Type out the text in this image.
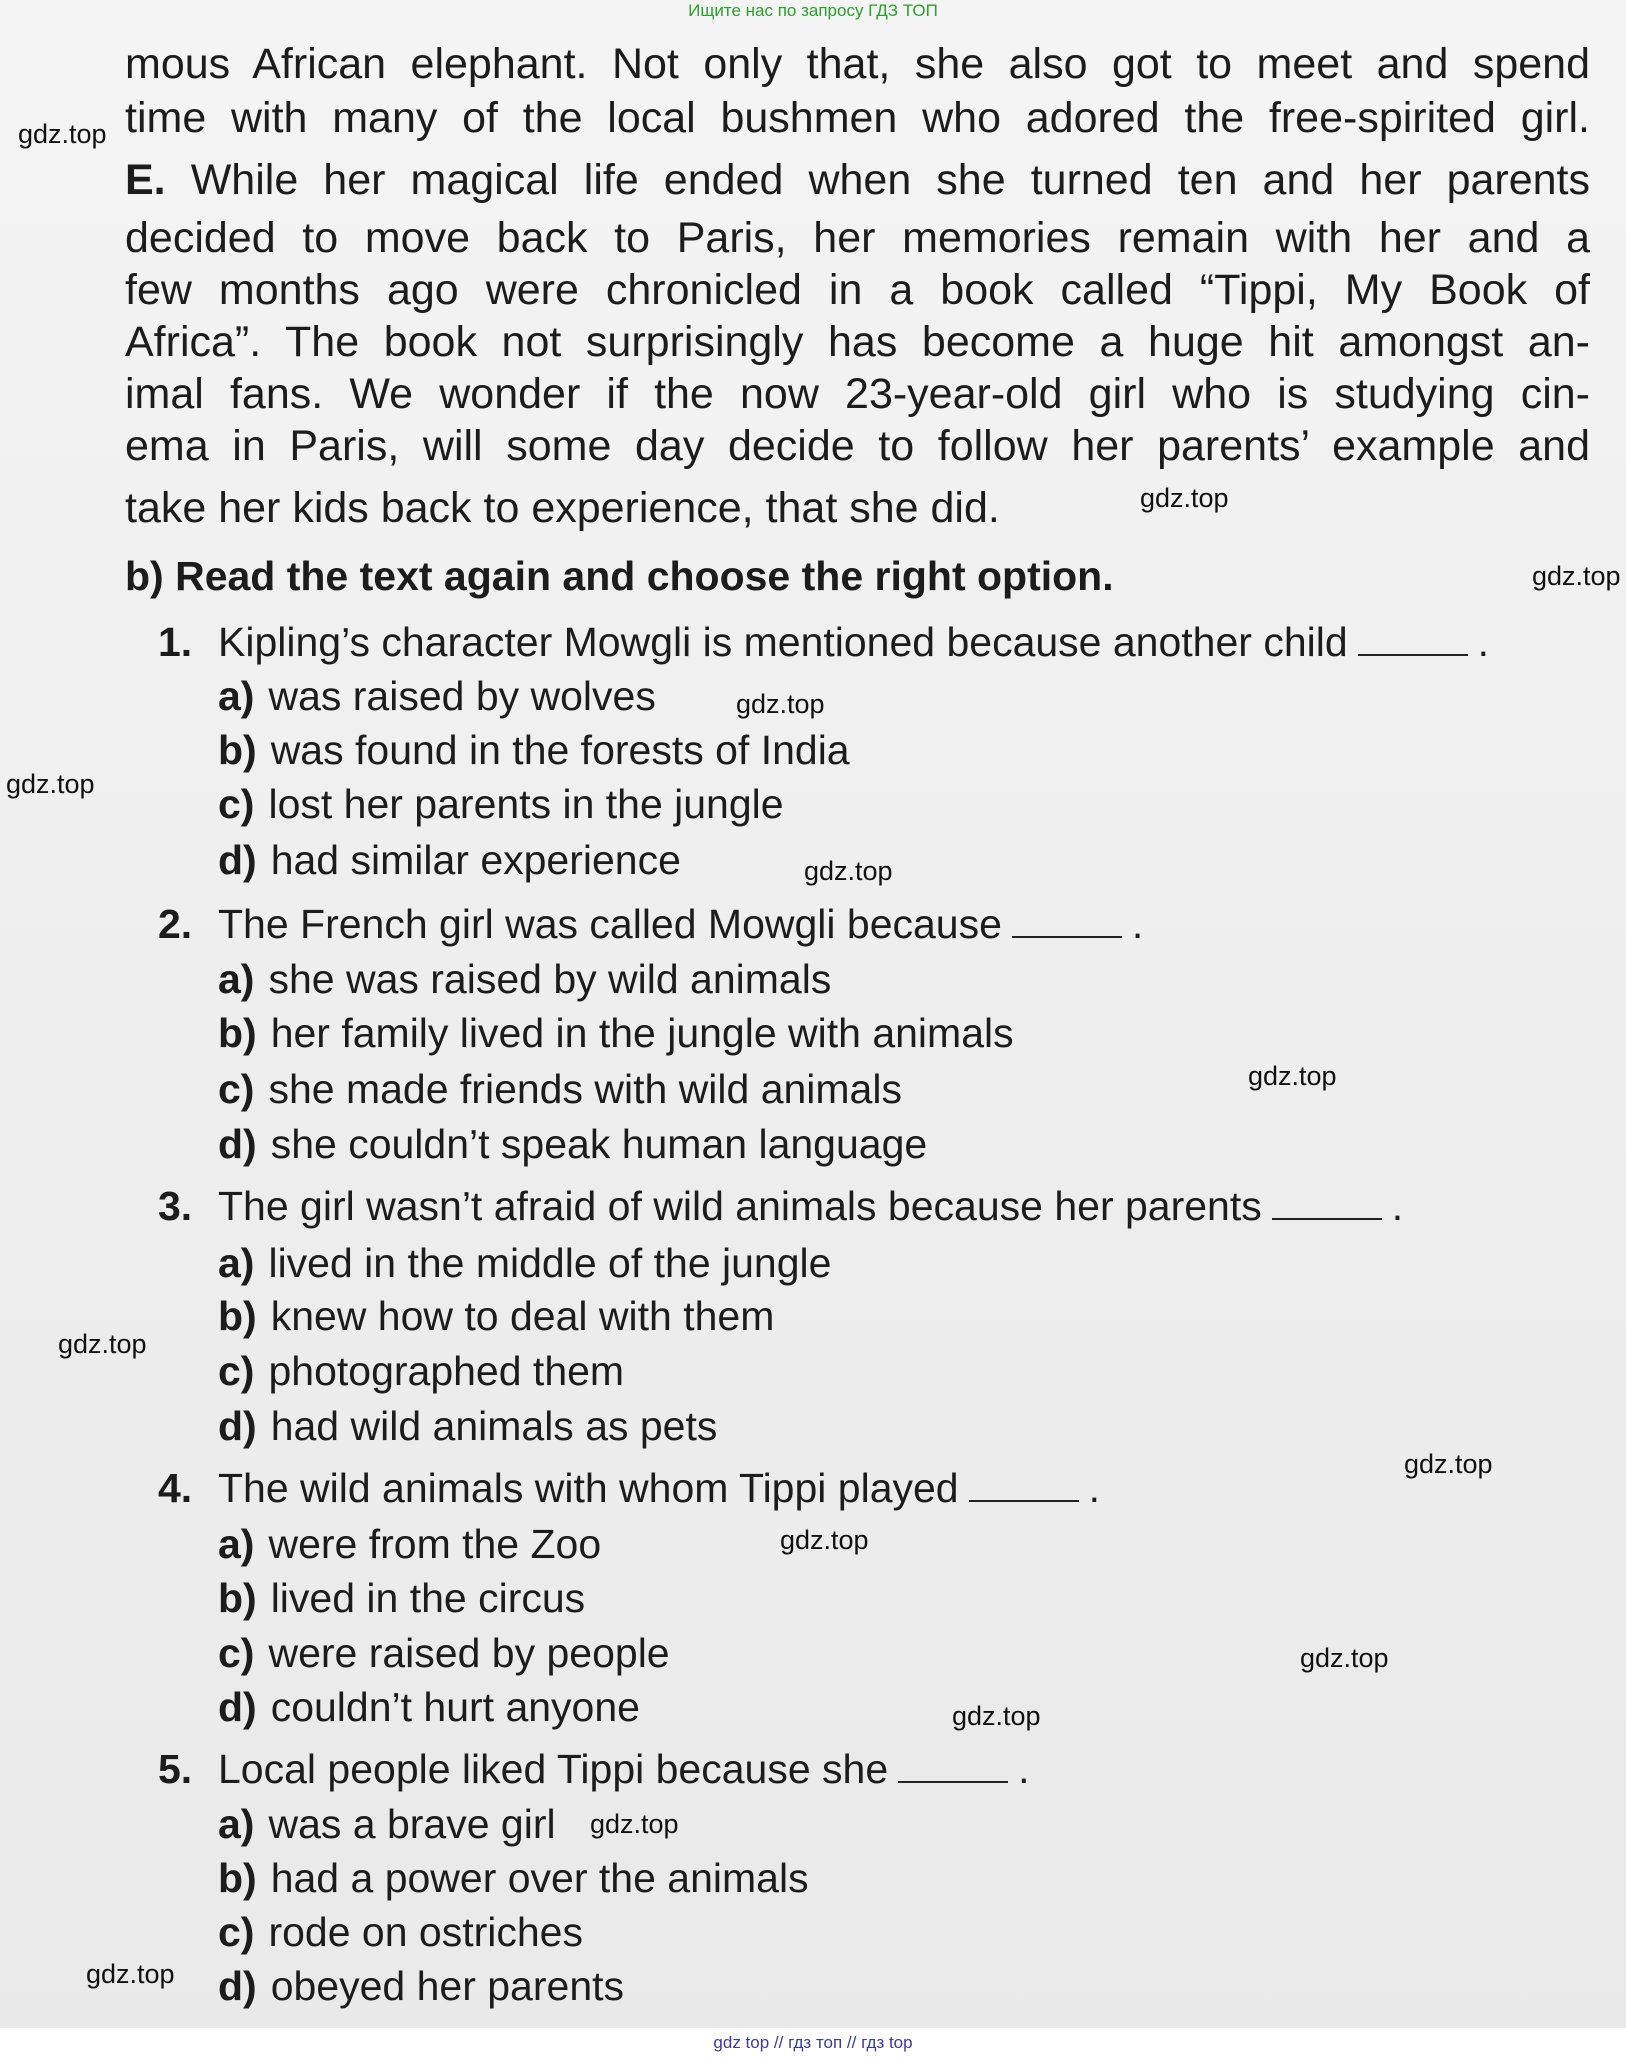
Ищите нас по запросу ГДЗ ТОП
mous African elephant. Not only that, she also got to meet and spend
time with many of the local bushmen who adored the free-spirited girl.
E. While her magical life ended when she turned ten and her parents
decided to move back to Paris, her memories remain with her and a
few months ago were chronicled in a book called “Tippi, My Book of
Africa”. The book not surprisingly has become a huge hit amongst an-
imal fans. We wonder if the now 23-year-old girl who is studying cin-
ema in Paris, will some day decide to follow her parents’ example and
take her kids back to experience, that she did.
b) Read the text again and choose the right option.
1. Kipling’s character Mowgli is mentioned because another child	.
a) was raised by wolves
b) was found in the forests of India
c) lost her parents in the jungle
d) had similar experience
2. The French girl was called Mowgli because	.
a) she was raised by wild animals
b) her family lived in the jungle with animals
c) she made friends with wild animals
d) she couldn’t speak human language
3. The girl wasn’t afraid of wild animals because her parents	.
a) lived in the middle of the jungle
b) knew how to deal with them
c) photographed them
d) had wild animals as pets
4. The wild animals with whom Tippi played	.
a) were from the Zoo
b) lived in the circus
c) were raised by people
d) couldn’t hurt anyone
5. Local people liked Tippi because she	.
a) was a brave girl
b) had a power over the animals
c) rode on ostriches
d) obeyed her parents
gdz.top
gdz.top
gdz.top
gdz.top
gdz.top
gdz.top
gdz.top
gdz.top
gdz.top
gdz.top
gdz.top
gdz.top
gdz.top
gdz.top
gdz top // гдз топ // гдз top
